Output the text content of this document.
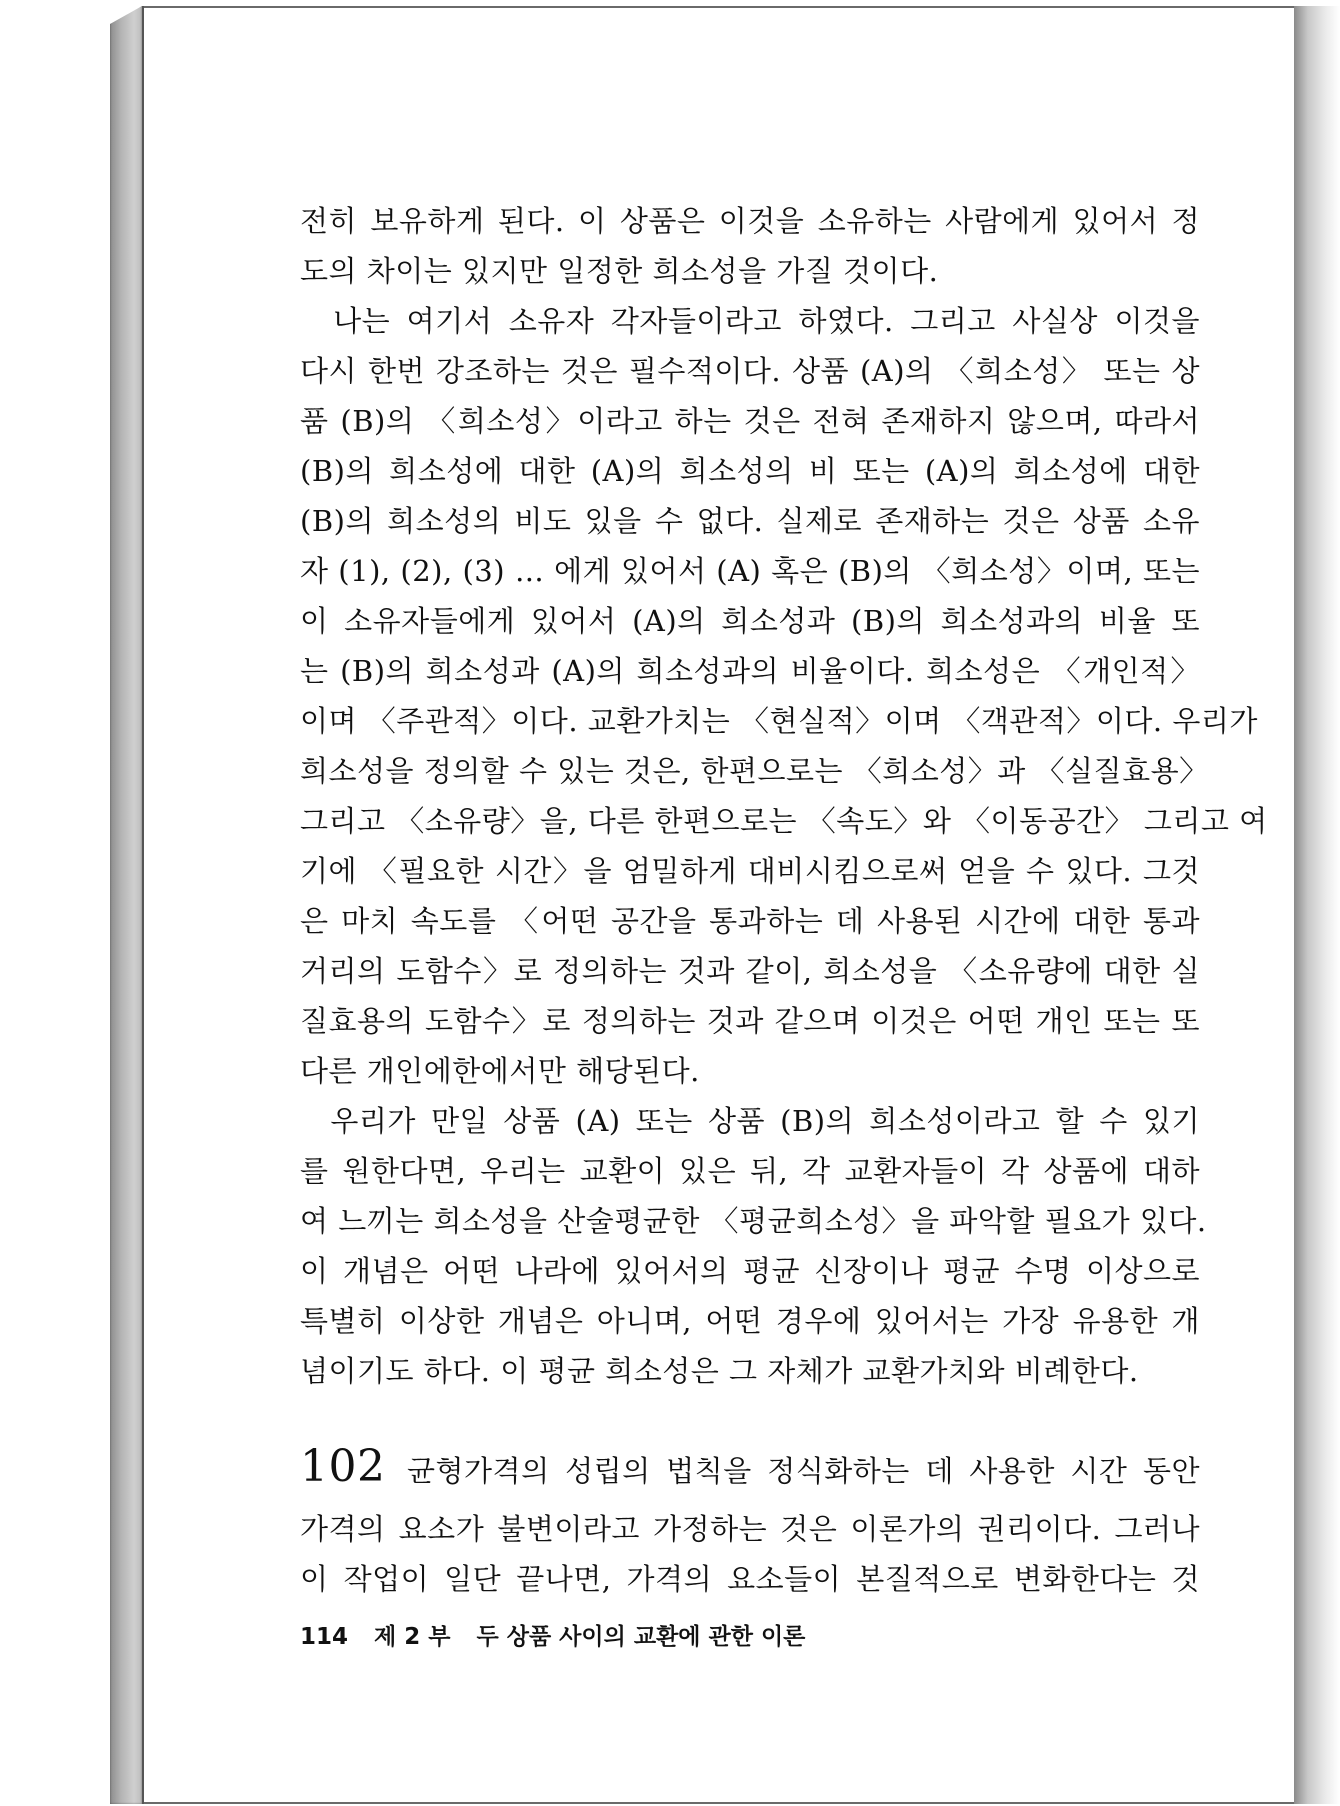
전히 보유하게 된다. 이 상품은 이것을 소유하는 사람에게 있어서 정
도의 차이는 있지만 일정한 희소성을 가질 것이다.
나는 여기서 소유자 각자들이라고 하였다. 그리고 사실상 이것을
다시 한번 강조하는 것은 필수적이다. 상품 (A)의 〈희소성〉 또는 상
품 (B)의 〈희소성〉이라고 하는 것은 전혀 존재하지 않으며, 따라서
(B)의 희소성에 대한 (A)의 희소성의 비 또는 (A)의 희소성에 대한
(B)의 희소성의 비도 있을 수 없다. 실제로 존재하는 것은 상품 소유
자 (1), (2), (3) … 에게 있어서 (A) 혹은 (B)의 〈희소성〉이며, 또는
이 소유자들에게 있어서 (A)의 희소성과 (B)의 희소성과의 비율 또
는 (B)의 희소성과 (A)의 희소성과의 비율이다. 희소성은 〈개인적〉
이며 〈주관적〉이다. 교환가치는 〈현실적〉이며 〈객관적〉이다. 우리가
희소성을 정의할 수 있는 것은, 한편으로는 〈희소성〉과 〈실질효용〉
그리고 〈소유량〉을, 다른 한편으로는 〈속도〉와 〈이동공간〉 그리고 여
기에 〈필요한 시간〉을 엄밀하게 대비시킴으로써 얻을 수 있다. 그것
은 마치 속도를 〈어떤 공간을 통과하는 데 사용된 시간에 대한 통과
거리의 도함수〉로 정의하는 것과 같이, 희소성을 〈소유량에 대한 실
질효용의 도함수〉로 정의하는 것과 같으며 이것은 어떤 개인 또는 또
다른 개인에한에서만 해당된다.
우리가 만일 상품 (A) 또는 상품 (B)의 희소성이라고 할 수 있기
를 원한다면, 우리는 교환이 있은 뒤, 각 교환자들이 각 상품에 대하
여 느끼는 희소성을 산술평균한 〈평균희소성〉을 파악할 필요가 있다.
이 개념은 어떤 나라에 있어서의 평균 신장이나 평균 수명 이상으로
특별히 이상한 개념은 아니며, 어떤 경우에 있어서는 가장 유용한 개
념이기도 하다. 이 평균 희소성은 그 자체가 교환가치와 비례한다.
102 균형가격의 성립의 법칙을 정식화하는 데 사용한 시간 동안
가격의 요소가 불변이라고 가정하는 것은 이론가의 권리이다. 그러나
이 작업이 일단 끝나면, 가격의 요소들이 본질적으로 변화한다는 것
114 제 2 부 두 상품 사이의 교환에 관한 이론
